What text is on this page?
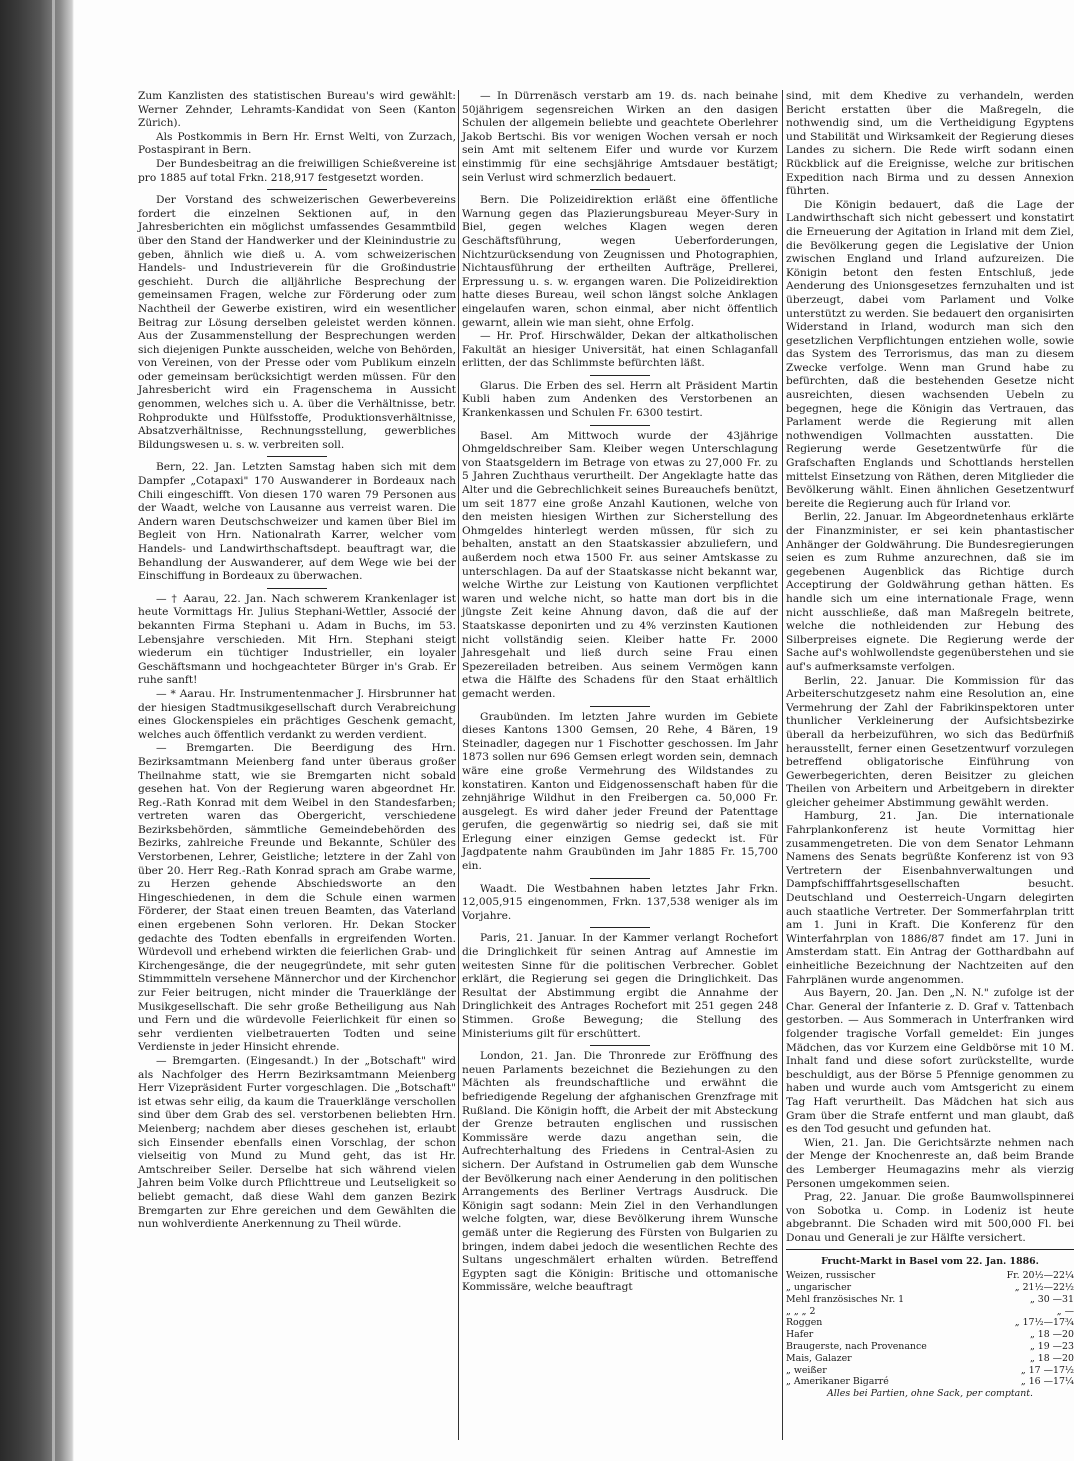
Zum Kanzlisten des statistischen Bureau's wird gewählt: Werner Zehnder, Lehramts-Kandidat von Seen (Kanton Zürich).

Als Postkommis in Bern Hr. Ernst Welti, von Zurzach, Postaspirant in Bern.

Der Bundesbeitrag an die freiwilligen Schießvereine ist pro 1885 auf total Frkn. 218,917 festgesetzt worden.

Der Vorstand des schweizerischen Gewerbevereins fordert die einzelnen Sektionen auf, in den Jahresberichten ein möglichst umfassendes Gesammtbild über den Stand der Handwerker und der Kleinindustrie zu geben, ähnlich wie dieß u. A. vom schweizerischen Handels- und Industrieverein für die Großindustrie geschieht. Durch die alljährliche Besprechung der gemeinsamen Fragen, welche zur Förderung oder zum Nachtheil der Gewerbe existiren, wird ein wesentlicher Beitrag zur Lösung derselben geleistet werden können. Aus der Zusammenstellung der Besprechungen werden sich diejenigen Punkte ausscheiden, welche von Behörden, von Vereinen, von der Presse oder vom Publikum einzeln oder gemeinsam berücksichtigt werden müssen. Für den Jahresbericht wird ein Fragenschema in Aussicht genommen, welches sich u. A. über die Verhältnisse, betr. Rohprodukte und Hülfsstoffe, Produktionsverhältnisse, Absatzverhältnisse, Rechnungsstellung, gewerbliches Bildungswesen u. s. w. verbreiten soll.

Bern, 22. Jan. Letzten Samstag haben sich mit dem Dampfer „Cotapaxi" 170 Auswanderer in Bordeaux nach Chili eingeschifft. Von diesen 170 waren 79 Personen aus der Waadt, welche von Lausanne aus verreist waren. Die Andern waren Deutschschweizer und kamen über Biel im Begleit von Hrn. Nationalrath Karrer, welcher vom Handels- und Landwirthschaftsdept. beauftragt war, die Behandlung der Auswanderer, auf dem Wege wie bei der Einschiffung in Bordeaux zu überwachen.

— † Aarau, 22. Jan. Nach schwerem Krankenlager ist heute Vormittags Hr. Julius Stephani-Wettler, Associé der bekannten Firma Stephani u. Adam in Buchs, im 53. Lebensjahre verschieden. Mit Hrn. Stephani steigt wiederum ein tüchtiger Industrieller, ein loyaler Geschäftsmann und hochgeachteter Bürger in's Grab. Er ruhe sanft!

— * Aarau. Hr. Instrumentenmacher J. Hirsbrunner hat der hiesigen Stadtmusikgesellschaft durch Verabreichung eines Glockenspieles ein prächtiges Geschenk gemacht, welches auch öffentlich verdankt zu werden verdient.

— Bremgarten. Die Beerdigung des Hrn. Bezirksamtmann Meienberg fand unter überaus großer Theilnahme statt, wie sie Bremgarten nicht sobald gesehen hat. Von der Regierung waren abgeordnet Hr. Reg.-Rath Konrad mit dem Weibel in den Standesfarben; vertreten waren das Obergericht, verschiedene Bezirksbehörden, sämmtliche Gemeindebehörden des Bezirks, zahlreiche Freunde und Bekannte, Schüler des Verstorbenen, Lehrer, Geistliche; letztere in der Zahl von über 20. Herr Reg.-Rath Konrad sprach am Grabe warme, zu Herzen gehende Abschiedsworte an den Hingeschiedenen, in dem die Schule einen warmen Förderer, der Staat einen treuen Beamten, das Vaterland einen ergebenen Sohn verloren. Hr. Dekan Stocker gedachte des Todten ebenfalls in ergreifenden Worten. Würdevoll und erhebend wirkten die feierlichen Grab- und Kirchengesänge, die der neugegründete, mit sehr guten Stimmmitteln versehene Männerchor und der Kirchenchor zur Feier beitrugen, nicht minder die Trauerklänge der Musikgesellschaft. Die sehr große Betheiligung aus Nah und Fern und die würdevolle Feierlichkeit für einen so sehr verdienten vielbetrauerten Todten und seine Verdienste in jeder Hinsicht ehrende.

— Bremgarten. (Eingesandt.) In der „Botschaft" wird als Nachfolger des Herrn Bezirksamtmann Meienberg Herr Vizepräsident Furter vorgeschlagen. Die „Botschaft" ist etwas sehr eilig, da kaum die Trauerklänge verschollen sind über dem Grab des sel. verstorbenen beliebten Hrn. Meienberg; nachdem aber dieses geschehen ist, erlaubt sich Einsender ebenfalls einen Vorschlag, der schon vielseitig von Mund zu Mund geht, das ist Hr. Amtschreiber Seiler. Derselbe hat sich während vielen Jahren beim Volke durch Pflichttreue und Leutseligkeit so beliebt gemacht, daß diese Wahl dem ganzen Bezirk Bremgarten zur Ehre gereichen und dem Gewählten die nun wohlverdiente Anerkennung zu Theil würde.

— In Dürrenäsch verstarb am 19. ds. nach beinahe 50jährigem segensreichen Wirken an den dasigen Schulen der allgemein beliebte und geachtete Oberlehrer Jakob Bertschi. Bis vor wenigen Wochen versah er noch sein Amt mit seltenem Eifer und wurde vor Kurzem einstimmig für eine sechsjährige Amtsdauer bestätigt; sein Verlust wird schmerzlich bedauert.

Bern. Die Polizeidirektion erläßt eine öffentliche Warnung gegen das Plazierungsbureau Meyer-Sury in Biel, gegen welches Klagen wegen deren Geschäftsführung, wegen Ueberforderungen, Nichtzurücksendung von Zeugnissen und Photographien, Nichtausführung der ertheilten Aufträge, Prellerei, Erpressung u. s. w. ergangen waren. Die Polizeidirektion hatte dieses Bureau, weil schon längst solche Anklagen eingelaufen waren, schon einmal, aber nicht öffentlich gewarnt, allein wie man sieht, ohne Erfolg.

— Hr. Prof. Hirschwälder, Dekan der altkatholischen Fakultät an hiesiger Universität, hat einen Schlaganfall erlitten, der das Schlimmste befürchten läßt.

Glarus. Die Erben des sel. Herrn alt Präsident Martin Kubli haben zum Andenken des Verstorbenen an Krankenkassen und Schulen Fr. 6300 testirt.

Basel. Am Mittwoch wurde der 43jährige Ohmgeldschreiber Sam. Kleiber wegen Unterschlagung von Staatsgeldern im Betrage von etwas zu 27,000 Fr. zu 5 Jahren Zuchthaus verurtheilt. Der Angeklagte hatte das Alter und die Gebrechlichkeit seines Bureauchefs benützt, um seit 1877 eine große Anzahl Kautionen, welche von den meisten hiesigen Wirthen zur Sicherstellung des Ohmgeldes hinterlegt werden müssen, für sich zu behalten, anstatt an den Staatskassier abzuliefern, und außerdem noch etwa 1500 Fr. aus seiner Amtskasse zu unterschlagen. Da auf der Staatskasse nicht bekannt war, welche Wirthe zur Leistung von Kautionen verpflichtet waren und welche nicht, so hatte man dort bis in die jüngste Zeit keine Ahnung davon, daß die auf der Staatskasse deponirten und zu 4% verzinsten Kautionen nicht vollständig seien. Kleiber hatte Fr. 2000 Jahresgehalt und ließ durch seine Frau einen Spezereiladen betreiben. Aus seinem Vermögen kann etwa die Hälfte des Schadens für den Staat erhältlich gemacht werden.

Graubünden. Im letzten Jahre wurden im Gebiete dieses Kantons 1300 Gemsen, 20 Rehe, 4 Bären, 19 Steinadler, dagegen nur 1 Fischotter geschossen. Im Jahr 1873 sollen nur 696 Gemsen erlegt worden sein, demnach wäre eine große Vermehrung des Wildstandes zu konstatiren. Kanton und Eidgenossenschaft haben für die zehnjährige Wildhut in den Freibergen ca. 50,000 Fr. ausgelegt. Es wird daher jeder Freund der Patenttage gerufen, die gegenwärtig so niedrig sei, daß sie mit Erlegung einer einzigen Gemse gedeckt ist. Für Jagdpatente nahm Graubünden im Jahr 1885 Fr. 15,700 ein.

Waadt. Die Westbahnen haben letztes Jahr Frkn. 12,005,915 eingenommen, Frkn. 137,538 weniger als im Vorjahre.

Paris, 21. Januar. In der Kammer verlangt Rochefort die Dringlichkeit für seinen Antrag auf Amnestie im weitesten Sinne für die politischen Verbrecher. Goblet erklärt, die Regierung sei gegen die Dringlichkeit. Das Resultat der Abstimmung ergibt die Annahme der Dringlichkeit des Antrages Rochefort mit 251 gegen 248 Stimmen. Große Bewegung; die Stellung des Ministeriums gilt für erschüttert.

London, 21. Jan. Die Thronrede zur Eröffnung des neuen Parlaments bezeichnet die Beziehungen zu den Mächten als freundschaftliche und erwähnt die befriedigende Regelung der afghanischen Grenzfrage mit Rußland. Die Königin hofft, die Arbeit der mit Absteckung der Grenze betrauten englischen und russischen Kommissäre werde dazu angethan sein, die Aufrechterhaltung des Friedens in Central-Asien zu sichern. Der Aufstand in Ostrumelien gab dem Wunsche der Bevölkerung nach einer Aenderung in den politischen Arrangements des Berliner Vertrags Ausdruck. Die Königin sagt sodann: Mein Ziel in den Verhandlungen welche folgten, war, diese Bevölkerung ihrem Wunsche gemäß unter die Regierung des Fürsten von Bulgarien zu bringen, indem dabei jedoch die wesentlichen Rechte des Sultans ungeschmälert erhalten würden. Betreffend Egypten sagt die Königin: Britische und ottomanische Kommissäre, welche beauftragt

sind, mit dem Khedive zu verhandeln, werden Bericht erstatten über die Maßregeln, die nothwendig sind, um die Vertheidigung Egyptens und Stabilität und Wirksamkeit der Regierung dieses Landes zu sichern. Die Rede wirft sodann einen Rückblick auf die Ereignisse, welche zur britischen Expedition nach Birma und zu dessen Annexion führten.

Die Königin bedauert, daß die Lage der Landwirthschaft sich nicht gebessert und konstatirt die Erneuerung der Agitation in Irland mit dem Ziel, die Bevölkerung gegen die Legislative der Union zwischen England und Irland aufzureizen. Die Königin betont den festen Entschluß, jede Aenderung des Unionsgesetzes fernzuhalten und ist überzeugt, dabei vom Parlament und Volke unterstützt zu werden. Sie bedauert den organisirten Widerstand in Irland, wodurch man sich den gesetzlichen Verpflichtungen entziehen wolle, sowie das System des Terrorismus, das man zu diesem Zwecke verfolge. Wenn man Grund habe zu befürchten, daß die bestehenden Gesetze nicht ausreichten, diesen wachsenden Uebeln zu begegnen, hege die Königin das Vertrauen, das Parlament werde die Regierung mit allen nothwendigen Vollmachten ausstatten. Die Regierung werde Gesetzentwürfe für die Grafschaften Englands und Schottlands herstellen mittelst Einsetzung von Räthen, deren Mitglieder die Bevölkerung wählt. Einen ähnlichen Gesetzentwurf bereite die Regierung auch für Irland vor.

Berlin, 22. Januar. Im Abgeordnetenhaus erklärte der Finanzminister, er sei kein phantastischer Anhänger der Goldwährung. Die Bundesregierungen seien es zum Ruhme anzurechnen, daß sie im gegebenen Augenblick das Richtige durch Acceptirung der Goldwährung gethan hätten. Es handle sich um eine internationale Frage, wenn nicht ausschließe, daß man Maßregeln beitrete, welche die nothleidenden zur Hebung des Silberpreises eignete. Die Regierung werde der Sache auf's wohlwollendste gegenüberstehen und sie auf's aufmerksamste verfolgen.

Berlin, 22. Januar. Die Kommission für das Arbeiterschutzgesetz nahm eine Resolution an, eine Vermehrung der Zahl der Fabrikinspektoren unter thunlicher Verkleinerung der Aufsichtsbezirke überall da herbeizuführen, wo sich das Bedürfniß herausstellt, ferner einen Gesetzentwurf vorzulegen betreffend obligatorische Einführung von Gewerbegerichten, deren Beisitzer zu gleichen Theilen von Arbeitern und Arbeitgebern in direkter gleicher geheimer Abstimmung gewählt werden.

Hamburg, 21. Jan. Die internationale Fahrplankonferenz ist heute Vormittag hier zusammengetreten. Die von dem Senator Lehmann Namens des Senats begrüßte Konferenz ist von 93 Vertretern der Eisenbahnverwaltungen und Dampfschifffahrtsgesellschaften besucht. Deutschland und Oesterreich-Ungarn delegirten auch staatliche Vertreter. Der Sommerfahrplan tritt am 1. Juni in Kraft. Die Konferenz für den Winterfahrplan von 1886/87 findet am 17. Juni in Amsterdam statt. Ein Antrag der Gotthardbahn auf einheitliche Bezeichnung der Nachtzeiten auf den Fahrplänen wurde angenommen.

Aus Bayern, 20. Jan. Den „N. N." zufolge ist der Char. General der Infanterie z. D. Graf v. Tattenbach gestorben. — Aus Sommerach in Unterfranken wird folgender tragische Vorfall gemeldet: Ein junges Mädchen, das vor Kurzem eine Geldbörse mit 10 M. Inhalt fand und diese sofort zurückstellte, wurde beschuldigt, aus der Börse 5 Pfennige genommen zu haben und wurde auch vom Amtsgericht zu einem Tag Haft verurtheilt. Das Mädchen hat sich aus Gram über die Strafe entfernt und man glaubt, daß es den Tod gesucht und gefunden hat.

Wien, 21. Jan. Die Gerichtsärzte nehmen nach der Menge der Knochenreste an, daß beim Brande des Lemberger Heumagazins mehr als vierzig Personen umgekommen seien.

Prag, 22. Januar. Die große Baumwollspinnerei von Sobotka u. Comp. in Lodeniz ist heute abgebrannt. Die Schaden wird mit 500,000 Fl. bei Donau und Generali je zur Hälfte versichert.

Frucht-Markt in Basel vom 22. Jan. 1886.
Weizen, russischer	Fr. 20½—22¼
„ ungarischer	„ 21½—22½
Mehl französisches Nr. 1	„ 30 —31
„ „ „ 2	„ —
Roggen	„ 17½—17¾
Hafer	„ 18 —20
Braugerste, nach Provenance	„ 19 —23
Mais, Galazer	„ 18 —20
„ weißer	„ 17 —17½
„ Amerikaner Bigarré	„ 16 —17¼
Alles bei Partien, ohne Sack, per comptant.
